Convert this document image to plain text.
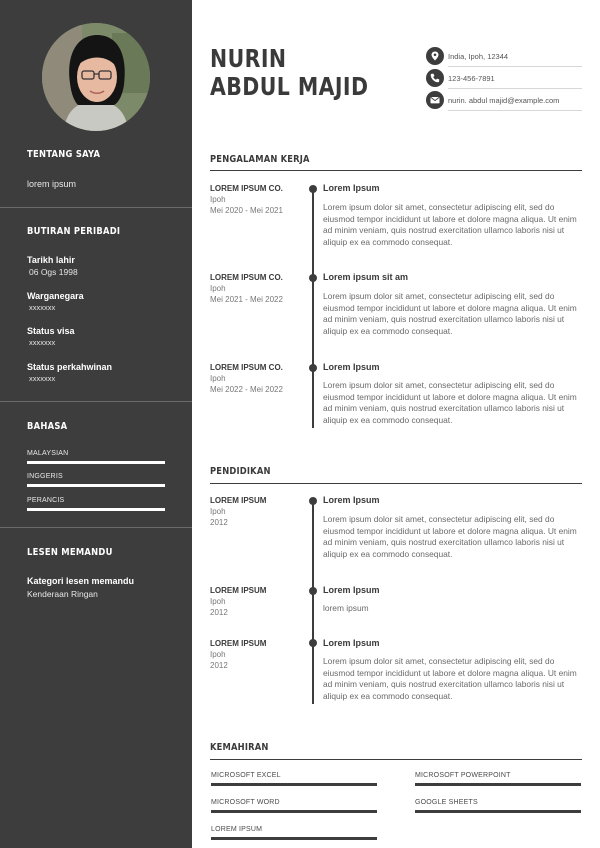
TENTANG SAYA
lorem ipsum
BUTIRAN PERIBADI
Tarikh lahir
06 Ogs 1998
Warganegara
xxxxxxx
Status visa
xxxxxxx
Status perkahwinan
xxxxxxx
BAHASA
MALAYSIAN
INGGERIS
PERANCIS
LESEN MEMANDU
Kategori lesen memandu
Kenderaan Ringan
NURIN
ABDUL MAJID
India, Ipoh, 12344
123-456-7891
nurin. abdul majid@example.com
PENGALAMAN KERJA
LOREM IPSUM CO.
Ipoh
Mei 2020 - Mei 2021
Lorem Ipsum
Lorem ipsum dolor sit amet, consectetur adipiscing elit, sed do eiusmod tempor incididunt ut labore et dolore magna aliqua. Ut enim ad minim veniam, quis nostrud exercitation ullamco laboris nisi ut aliquip ex ea commodo consequat.
LOREM IPSUM CO.
Ipoh
Mei 2021 - Mei 2022
Lorem ipsum sit am
Lorem ipsum dolor sit amet, consectetur adipiscing elit, sed do eiusmod tempor incididunt ut labore et dolore magna aliqua. Ut enim ad minim veniam, quis nostrud exercitation ullamco laboris nisi ut aliquip ex ea commodo consequat.
LOREM IPSUM CO.
Ipoh
Mei 2022 - Mei 2022
Lorem Ipsum
Lorem ipsum dolor sit amet, consectetur adipiscing elit, sed do eiusmod tempor incididunt ut labore et dolore magna aliqua. Ut enim ad minim veniam, quis nostrud exercitation ullamco laboris nisi ut aliquip ex ea commodo consequat.
PENDIDIKAN
LOREM IPSUM
Ipoh
2012
Lorem Ipsum
Lorem ipsum dolor sit amet, consectetur adipiscing elit, sed do eiusmod tempor incididunt ut labore et dolore magna aliqua. Ut enim ad minim veniam, quis nostrud exercitation ullamco laboris nisi ut aliquip ex ea commodo consequat.
LOREM IPSUM
Ipoh
2012
Lorem Ipsum
lorem ipsum
LOREM IPSUM
Ipoh
2012
Lorem Ipsum
Lorem ipsum dolor sit amet, consectetur adipiscing elit, sed do eiusmod tempor incididunt ut labore et dolore magna aliqua. Ut enim ad minim veniam, quis nostrud exercitation ullamco laboris nisi ut aliquip ex ea commodo consequat.
KEMAHIRAN
MICROSOFT EXCEL	MICROSOFT POWERPOINT
MICROSOFT WORD	GOOGLE SHEETS
LOREM IPSUM
